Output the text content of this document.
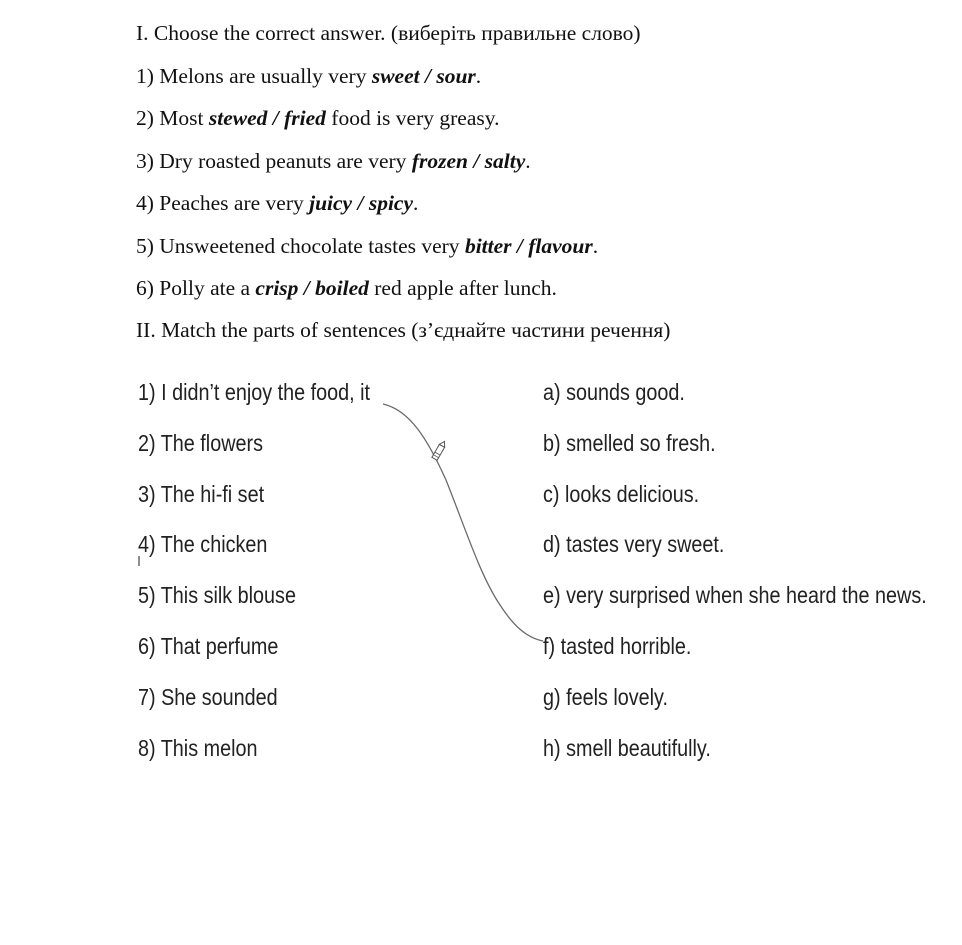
I. Choose the correct answer. (виберіть правильне слово)
1) Melons are usually very sweet / sour.
2) Most stewed / fried food is very greasy.
3) Dry roasted peanuts are very frozen / salty.
4) Peaches are very juicy / spicy.
5) Unsweetened chocolate tastes very bitter / flavour.
6) Polly ate a crisp / boiled red apple after lunch.
II. Match the parts of sentences (з’єднайте частини речення)
1) I didn’t enjoy the food, it
2) The flowers
3) The hi-fi set
4) The chicken
5) This silk blouse
6) That perfume
7) She sounded
8) This melon
a) sounds good.
b) smelled so fresh.
c) looks delicious.
d) tastes very sweet.
e) very surprised when she heard the news.
f) tasted horrible.
g) feels lovely.
h) smell beautifully.
